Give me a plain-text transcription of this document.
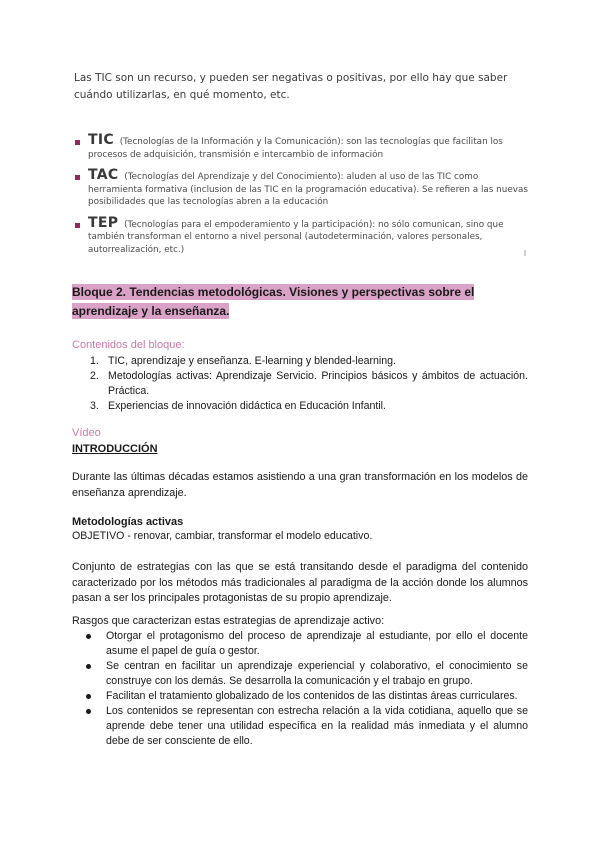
Las TIC son un recurso, y pueden ser negativas o positivas, por ello hay que saber cuándo utilizarlas, en qué momento, etc.

TIC (Tecnologías de la Información y la Comunicación): son las tecnologías que facilitan los procesos de adquisición, transmisión e intercambio de información
TAC (Tecnologías del Aprendizaje y del Conocimiento): aluden al uso de las TIC como herramienta formativa (inclusion de las TIC en la programación educativa). Se refieren a las nuevas posibilidades que las tecnologías abren a la educación
TEP (Tecnologías para el empoderamiento y la participación): no sólo comunican, sino que también transforman el entorno a nivel personal (autodeterminación, valores personales, autorrealización, etc.)

Bloque 2. Tendencias metodológicas. Visiones y perspectivas sobre el aprendizaje y la enseñanza.

Contenidos del bloque:

1. TIC, aprendizaje y enseñanza. E-learning y blended-learning.
2. Metodologías activas: Aprendizaje Servicio. Principios básicos y ámbitos de actuación. Práctica.
3. Experiencias de innovación didáctica en Educación Infantil.

Vídeo

INTRODUCCIÓN

Durante las últimas décadas estamos asistiendo a una gran transformación en los modelos de enseñanza aprendizaje.

Metodologías activas

OBJETIVO - renovar, cambiar, transformar el modelo educativo.

Conjunto de estrategias con las que se está transitando desde el paradigma del contenido caracterizado por los métodos más tradicionales al paradigma de la acción donde los alumnos pasan a ser los principales protagonistas de su propio aprendizaje.

Rasgos que caracterizan estas estrategias de aprendizaje activo:

Otorgar el protagonismo del proceso de aprendizaje al estudiante, por ello el docente asume el papel de guía o gestor.
Se centran en facilitar un aprendizaje experiencial y colaborativo, el conocimiento se construye con los demás. Se desarrolla la comunicación y el trabajo en grupo.
Facilitan el tratamiento globalizado de los contenidos de las distintas áreas curriculares.
Los contenidos se representan con estrecha relación a la vida cotidiana, aquello que se aprende debe tener una utilidad específica en la realidad más inmediata y el alumno debe de ser consciente de ello.
